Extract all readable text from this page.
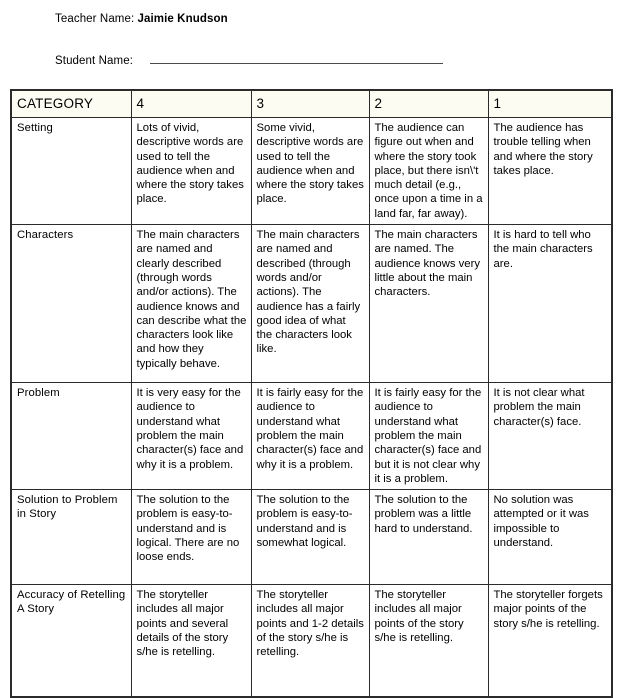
Teacher Name: Jaimie Knudson
Student Name:
CATEGORY	4	3	2	1
Setting	Lots of vivid, descriptive words are used to tell the audience when and where the story takes place.	Some vivid, descriptive words are used to tell the audience when and where the story takes place.	The audience can figure out when and where the story took place, but there isn\'t much detail (e.g., once upon a time in a land far, far away).	The audience has trouble telling when and where the story takes place.
Characters	The main characters are named and clearly described (through words and/or actions). The audience knows and can describe what the characters look like and how they typically behave.	The main characters are named and described (through words and/or actions). The audience has a fairly good idea of what the characters look like.	The main characters are named. The audience knows very little about the main characters.	It is hard to tell who the main characters are.
Problem	It is very easy for the audience to understand what problem the main character(s) face and why it is a problem.	It is fairly easy for the audience to understand what problem the main character(s) face and why it is a problem.	It is fairly easy for the audience to understand what problem the main character(s) face and but it is not clear why it is a problem.	It is not clear what problem the main character(s) face.
Solution to Problem in Story	The solution to the problem is easy-to-understand and is logical. There are no loose ends.	The solution to the problem is easy-to-understand and is somewhat logical.	The solution to the problem was a little hard to understand.	No solution was attempted or it was impossible to understand.
Accuracy of Retelling A Story	The storyteller includes all major points and several details of the story s/he is retelling.	The storyteller includes all major points and 1-2 details of the story s/he is retelling.	The storyteller includes all major points of the story s/he is retelling.	The storyteller forgets major points of the story s/he is retelling.
